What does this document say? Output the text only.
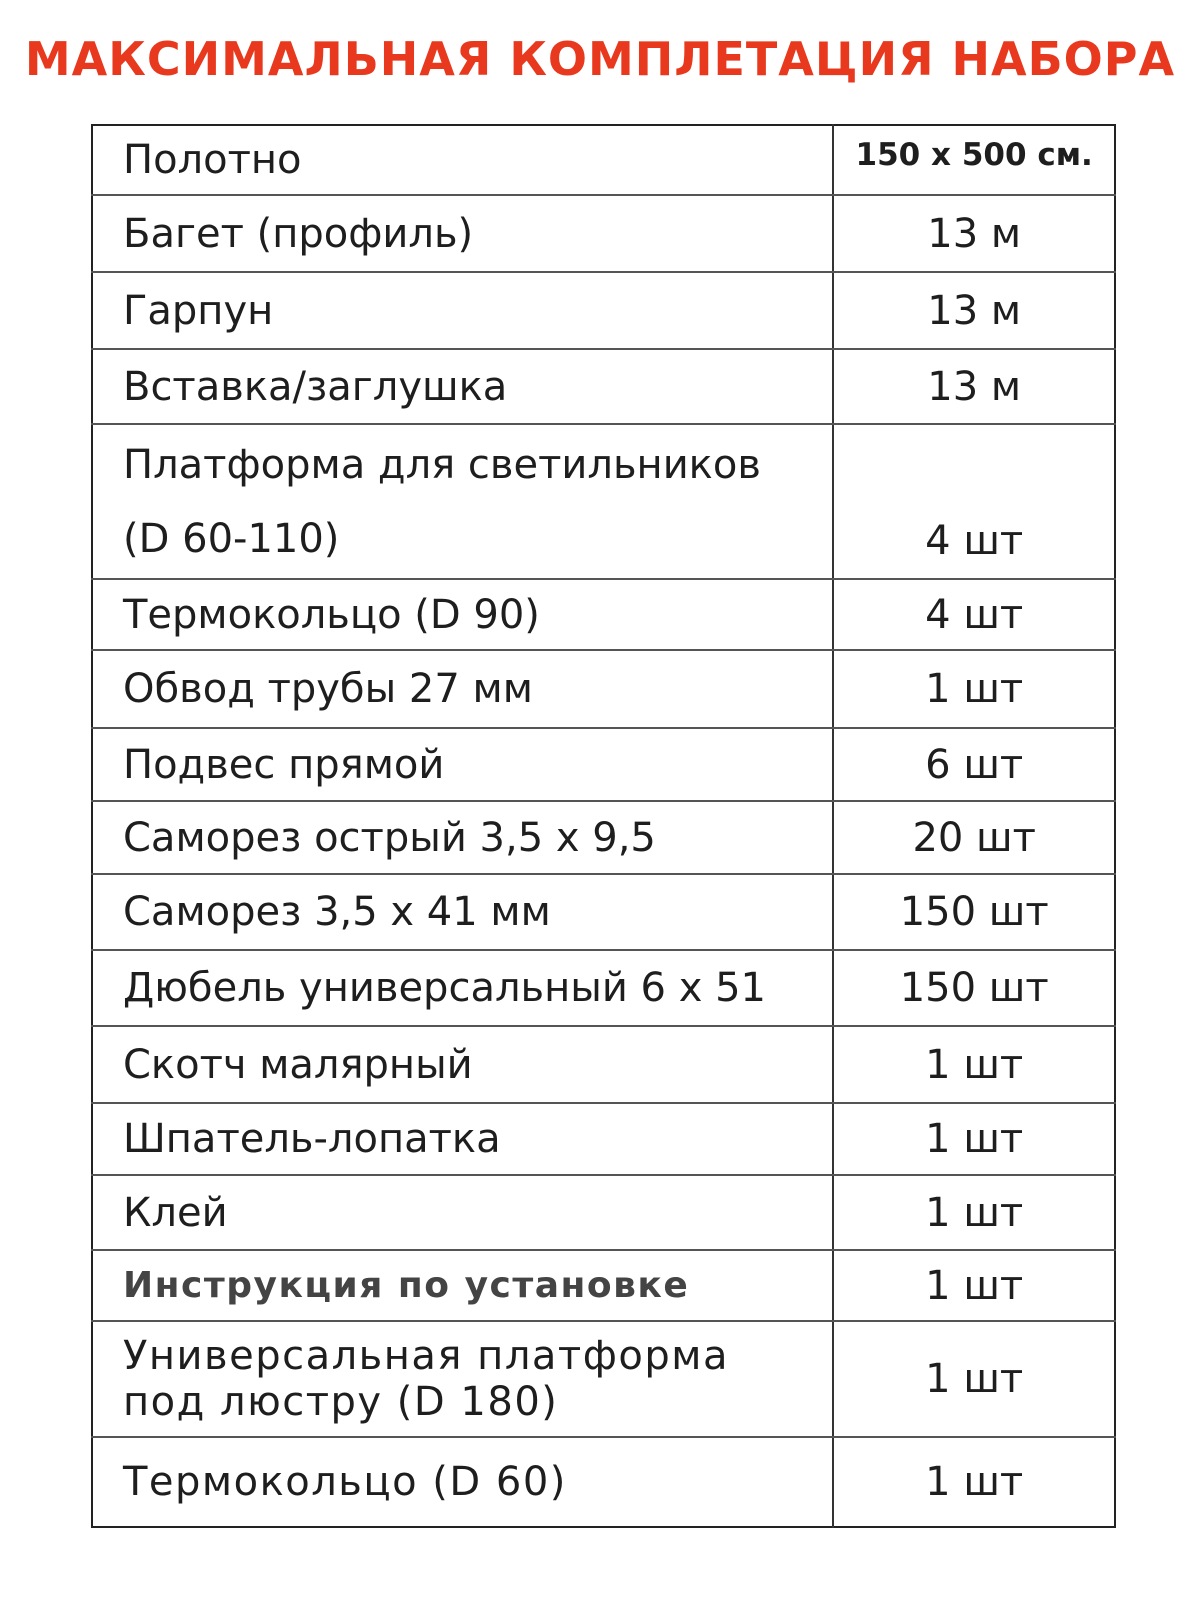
МАКСИМАЛЬНАЯ КОМПЛЕТАЦИЯ НАБОРА
Полотно	150 x 500 см.
Багет (профиль)	13 м
Гарпун	13 м
Вставка/заглушка	13 м
Платформа для светильников
(D 60-110)	4 шт
Термокольцо (D 90)	4 шт
Обвод трубы 27 мм	1 шт
Подвес прямой	6 шт
Саморез острый 3,5 x 9,5	20 шт
Саморез 3,5 x 41 мм	150 шт
Дюбель универсальный 6 x 51	150 шт
Скотч малярный	1 шт
Шпатель-лопатка	1 шт
Клей	1 шт
Инструкция по установке	1 шт
Универсальная платформа
под люстру (D 180)	1 шт
Термокольцо (D 60)	1 шт
